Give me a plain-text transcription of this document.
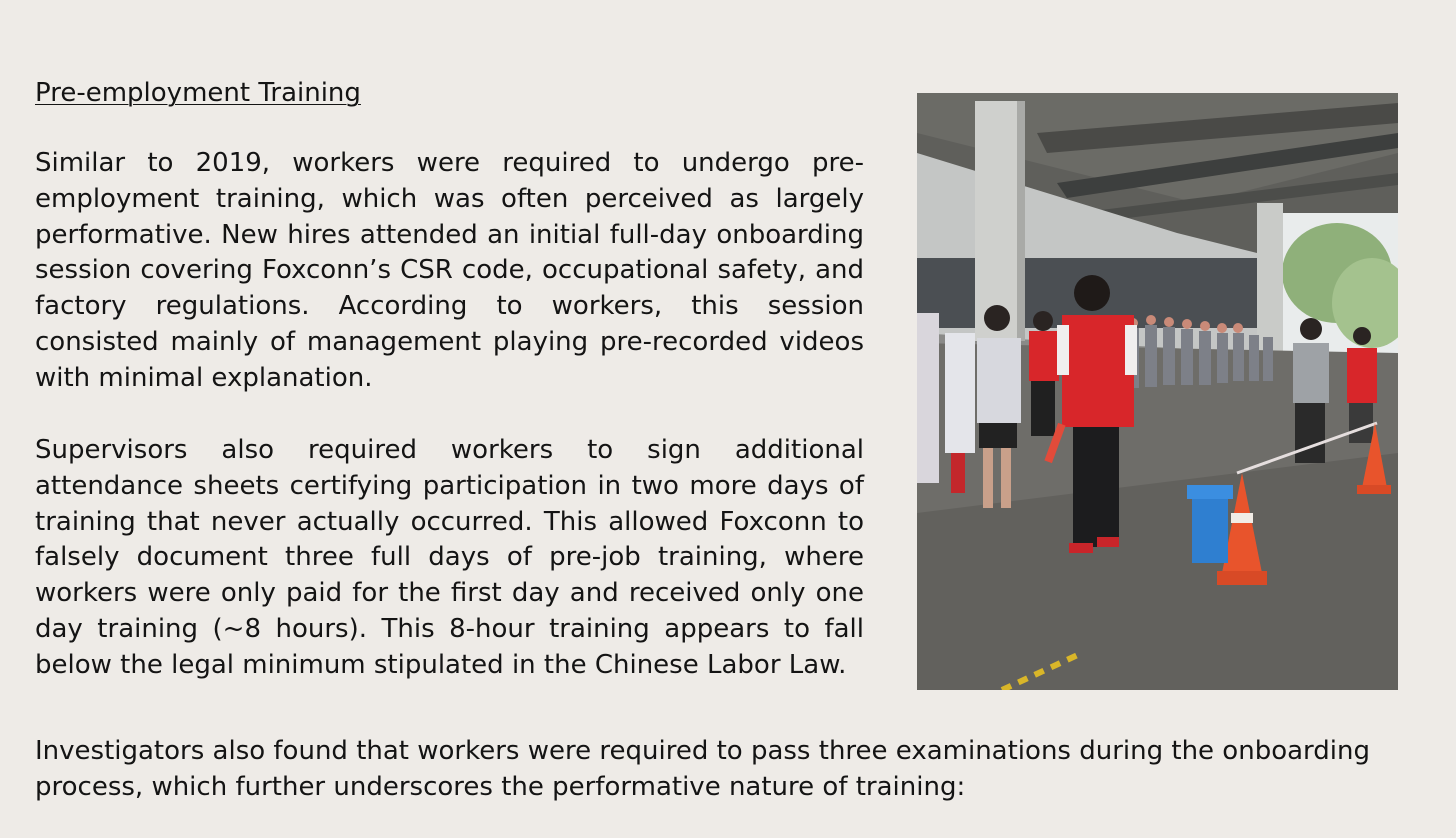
Pre-employment Training

Similar to 2019, workers were required to undergo pre-employment training, which was often perceived as largely performative. New hires attended an initial full-day onboarding session covering Foxconn’s CSR code, occupational safety, and factory regulations. According to workers, this session consisted mainly of management playing pre-recorded videos with minimal explanation.

Supervisors also required workers to sign additional attendance sheets certifying participation in two more days of training that never actually occurred. This allowed Foxconn to falsely document three full days of pre-job training, where workers were only paid for the first day and received only one day training (~8 hours). This 8-hour training appears to fall below the legal minimum stipulated in the Chinese Labor Law.

Investigators also found that workers were required to pass three examinations during the onboarding process, which further underscores the performative nature of training:
